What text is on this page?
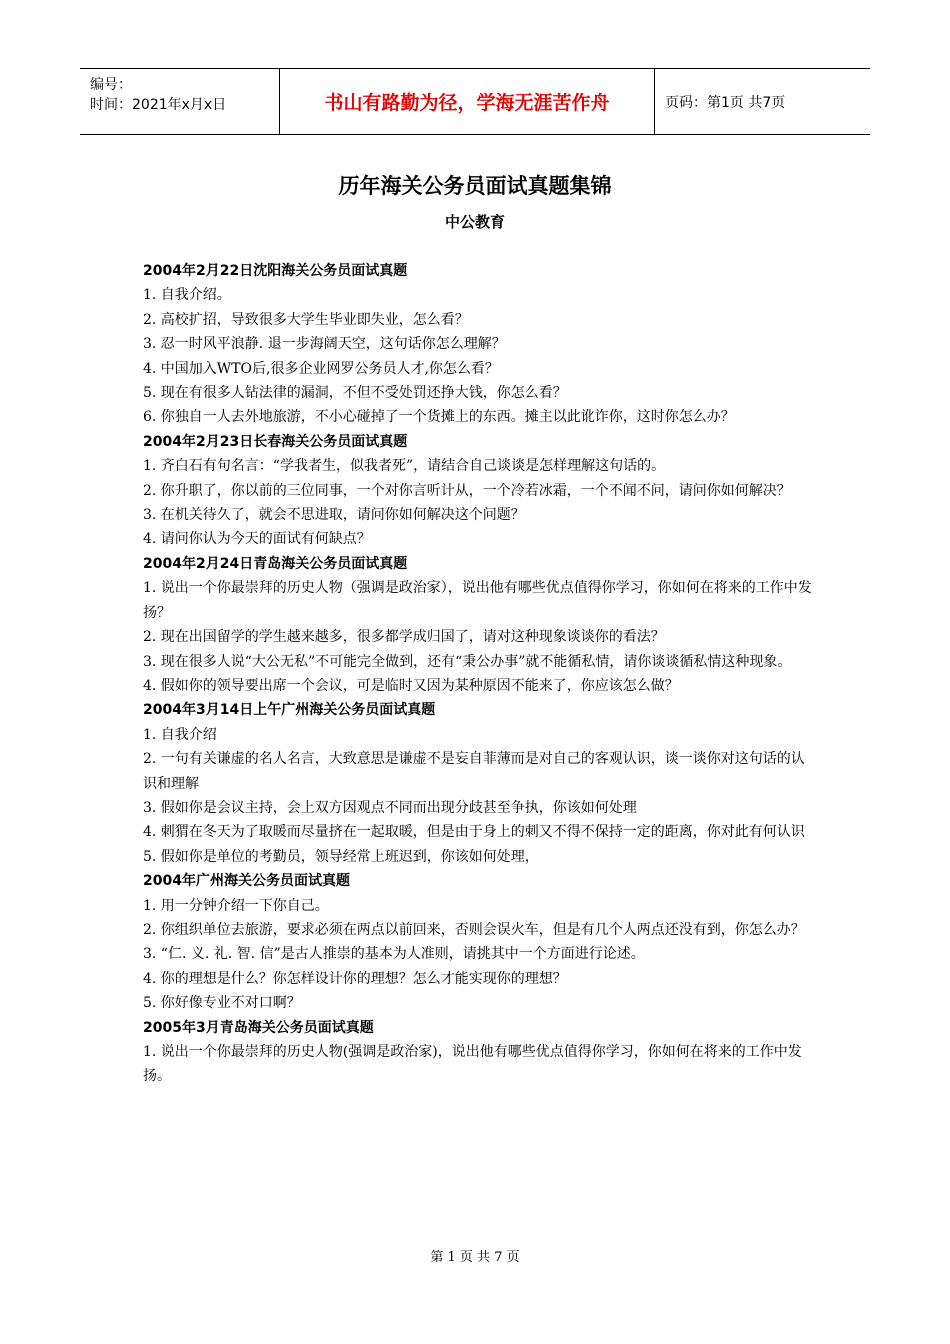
编号：
时间：2021年x月x日	书山有路勤为径，学海无涯苦作舟	页码：第1页 共7页
历年海关公务员面试真题集锦
中公教育
2004年2月22日沈阳海关公务员面试真题
1. 自我介绍。
2. 高校扩招，导致很多大学生毕业即失业，怎么看？
3. 忍一时风平浪静. 退一步海阔天空，这句话你怎么理解？
4. 中国加入WTO后,很多企业网罗公务员人才,你怎么看？
5. 现在有很多人钻法律的漏洞，不但不受处罚还挣大钱，你怎么看？
6. 你独自一人去外地旅游，不小心碰掉了一个货摊上的东西。摊主以此讹诈你，这时你怎么办？
2004年2月23日长春海关公务员面试真题
1. 齐白石有句名言：“学我者生，似我者死”，请结合自己谈谈是怎样理解这句话的。
2. 你升职了，你以前的三位同事，一个对你言听计从，一个冷若冰霜，一个不闻不问，请问你如何解决？
3. 在机关待久了，就会不思进取，请问你如何解决这个问题？
4. 请问你认为今天的面试有何缺点？
2004年2月24日青岛海关公务员面试真题
1. 说出一个你最崇拜的历史人物（强调是政治家），说出他有哪些优点值得你学习，你如何在将来的工作中发扬？
2. 现在出国留学的学生越来越多，很多都学成归国了，请对这种现象谈谈你的看法？
3. 现在很多人说“大公无私”不可能完全做到，还有“秉公办事”就不能循私情，请你谈谈循私情这种现象。
4. 假如你的领导要出席一个会议，可是临时又因为某种原因不能来了，你应该怎么做？
2004年3月14日上午广州海关公务员面试真题
1. 自我介绍
2. 一句有关谦虚的名人名言，大致意思是谦虚不是妄自菲薄而是对自己的客观认识，谈一谈你对这句话的认识和理解
3. 假如你是会议主持，会上双方因观点不同而出现分歧甚至争执，你该如何处理
4. 刺猬在冬天为了取暖而尽量挤在一起取暖，但是由于身上的刺又不得不保持一定的距离，你对此有何认识
5. 假如你是单位的考勤员，领导经常上班迟到，你该如何处理，
2004年广州海关公务员面试真题
1. 用一分钟介绍一下你自己。
2. 你组织单位去旅游，要求必须在两点以前回来，否则会误火车，但是有几个人两点还没有到，你怎么办？
3. “仁. 义. 礼. 智. 信”是古人推崇的基本为人准则，请挑其中一个方面进行论述。
4. 你的理想是什么？你怎样设计你的理想？怎么才能实现你的理想？
5. 你好像专业不对口啊？
2005年3月青岛海关公务员面试真题
1. 说出一个你最崇拜的历史人物(强调是政治家)，说出他有哪些优点值得你学习，你如何在将来的工作中发扬。
第 1 页 共 7 页
